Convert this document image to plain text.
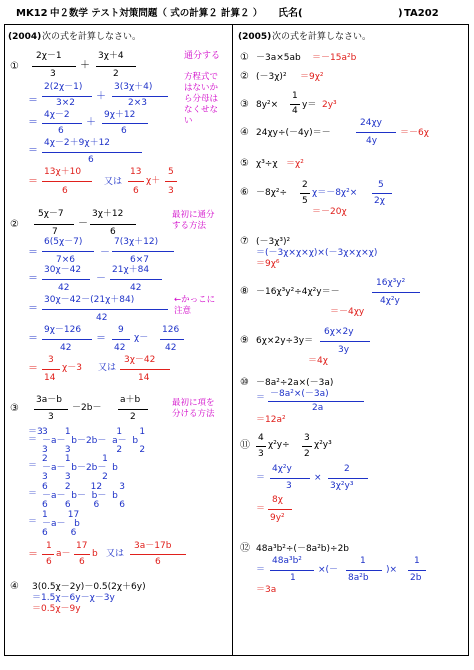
MK12 中２数学 テスト対策問題（ 式の計算２ 計算２ ） 氏名(	) TA202
(2004) 次の式を計算しなさい。
①
2χ－1
3
＋
3χ＋4
2
通分する
方程式ではないから分母はなくせない
＝
2(2χ－1)
3×2
＋
3(3χ＋4)
2×3
＝
4χ－2
6
＋
9χ＋12
6
＝
4χ－2＋9χ＋12
6
＝
13χ＋10
6
又は
13
6
χ＋
5
3
②
5χ－7
7
－
3χ＋12
6
最初に通分する方法
＝
6(5χ－7)
7×6
－
7(3χ＋12)
6×7
＝
30χ－42
42
－
21χ＋84
42
＝
30χ－42－(21χ＋84)
42
←かっこに注意
＝
9χ－126
42
＝
9
42
χ－
126
42
＝
3
14
χ－3 又は
3χ－42
14
③
3a－b
3
－2b－
a＋b
2
最初に項を分ける方法
＝3
＝
3 1	1 1
－a－  b－2b－  a－  b
3 3	2 2
＝
2 1	1
－a－  b－2b－  b
3 3	2
＝
6 2 12 3
－a－  b－  b－  b
6 6	6 6
＝
1 17
－a－   b
6	6
＝
1
6
a－
17
6
b 又は
3a－17b
6
④ 3(0.5χ－2y)－0.5(2χ＋6y)
＝1.5χ－6y－χ－3y
＝0.5χ－9y
(2005) 次の式を計算しなさい。
① －3a×5ab ＝－15a²b
② (－3χ)² ＝9χ²
③ 8y²×
1
4
y＝ 2y³
④ 24χy÷(－4y)＝－
24χy
4y
＝－6χ
⑤ χ³÷χ ＝χ²
⑥ －8χ²÷
2
5
χ＝－8χ²×
5
2χ
＝－20χ
⑦ (－3χ³)²
＝(－3χ×χ×χ)×(－3χ×χ×χ)
＝9χ⁶
⑧ －16χ³y²÷4χ²y＝－
16χ³y²
4χ²y
＝－4χy
⑨ 6χ×2y÷3y＝
6χ×2y
3y
＝4χ
⑩ －8a²÷2a×(－3a)
＝ －8a²×(－3a)
2a
＝12a²
⑪
4
3
χ²y÷
3
2
χ²y³
＝
4χ²y
3
×
2
3χ²y³
＝
8χ
9y²
⑫ 48a³b²÷(－8a²b)÷2b
＝
48a³b²
1
×(－
1
8a²b
)×
1
2b
＝3a
